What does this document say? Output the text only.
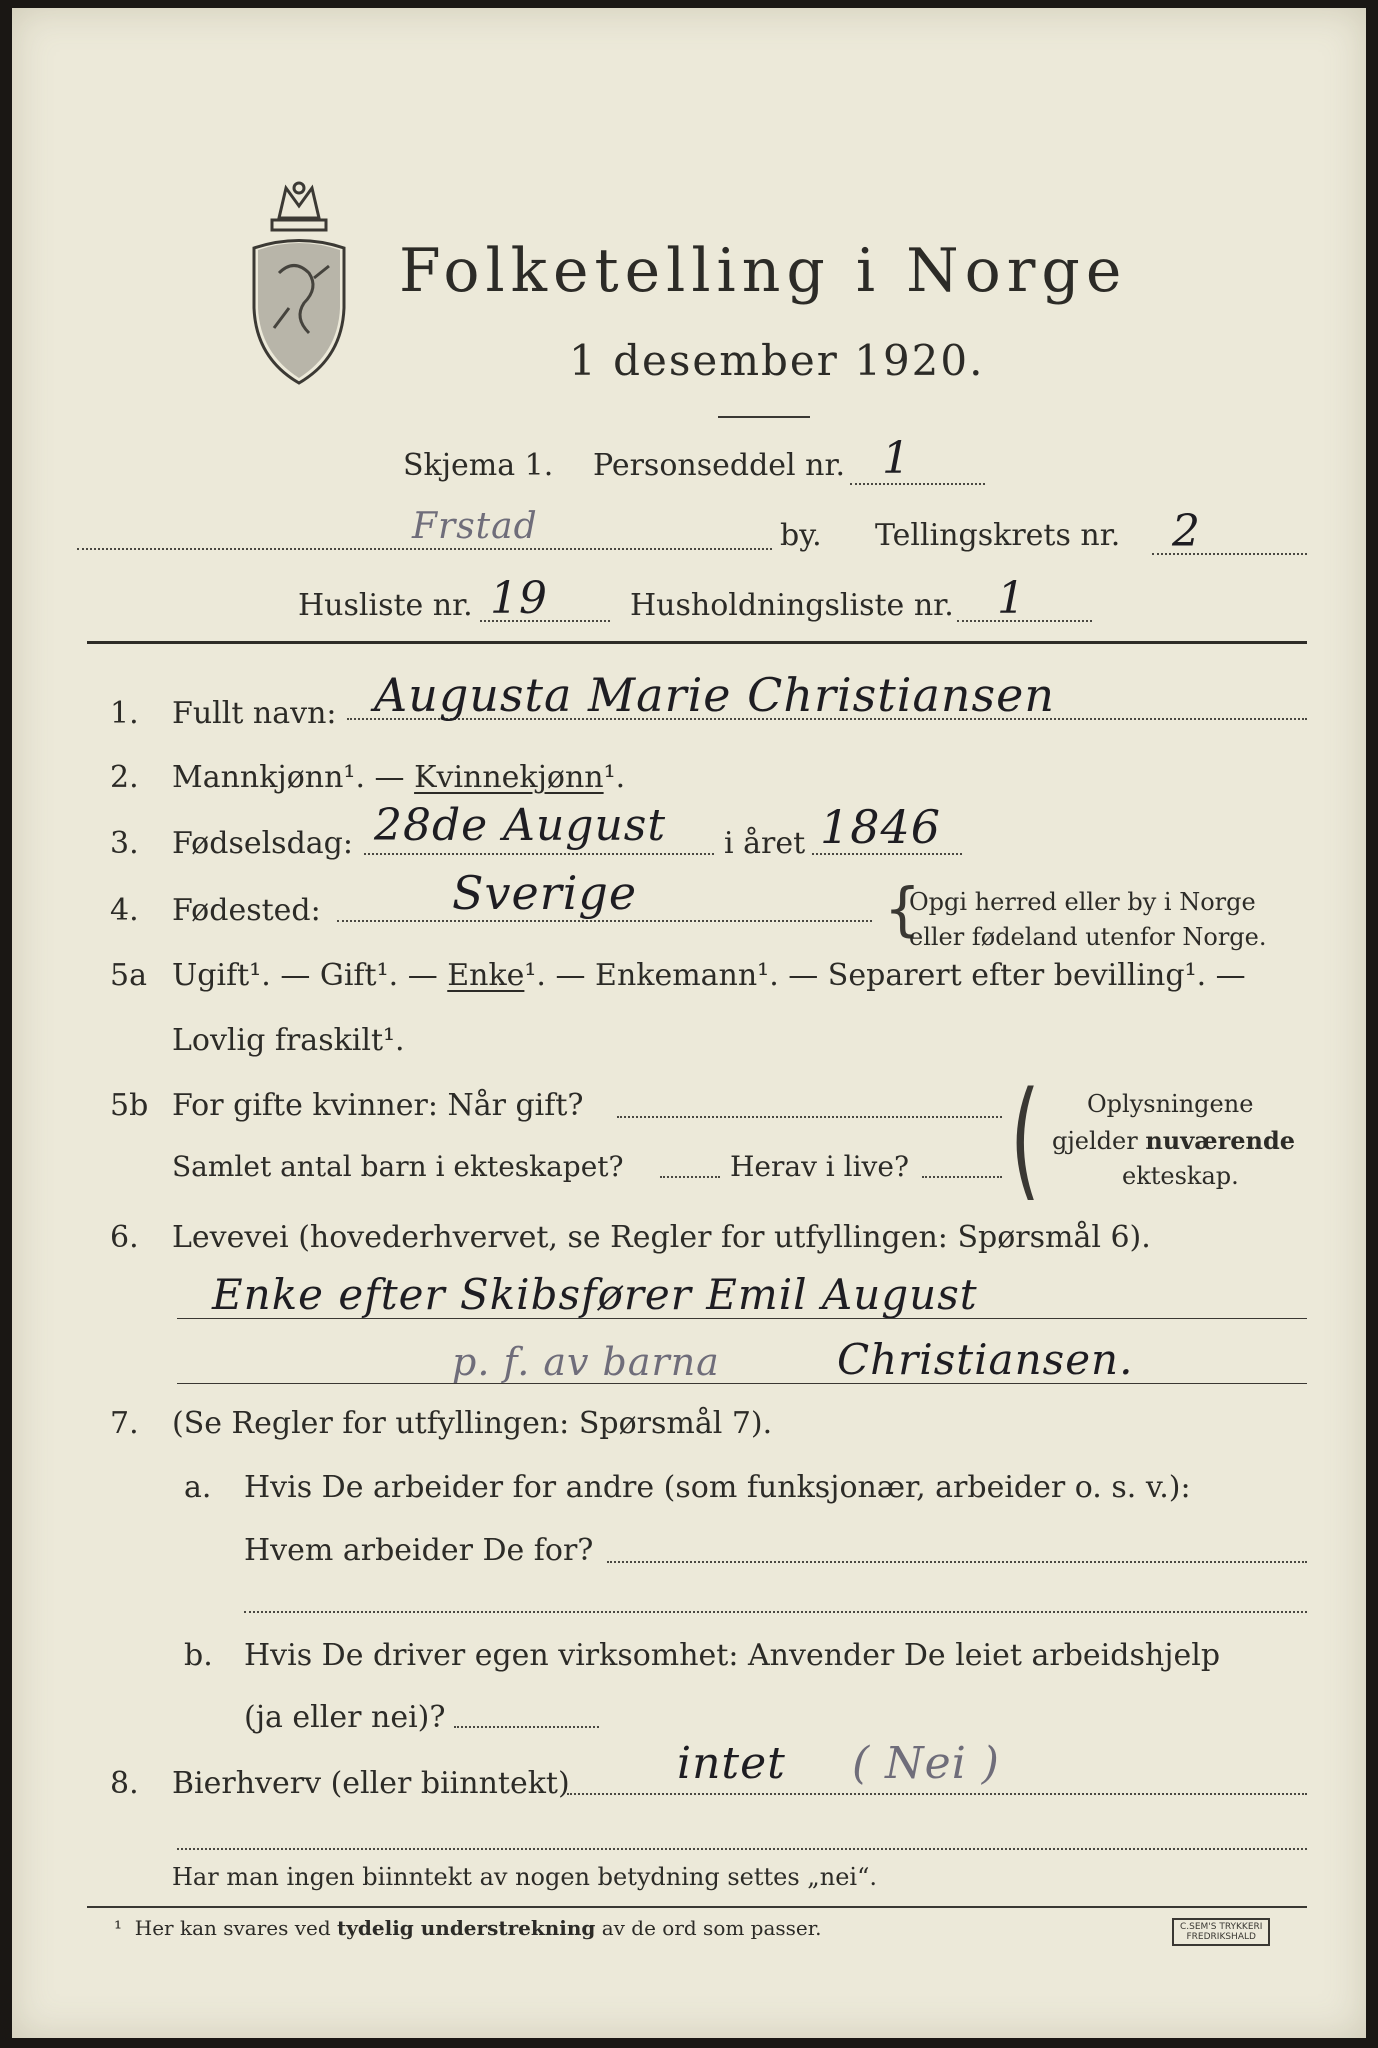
Folketelling i Norge
1 desember 1920.
Skjema 1. Personseddel nr. 1
Frstad	by. Tellingskrets nr. 2
Husliste nr. 19	Husholdningsliste nr. 1
1. Fullt navn: Augusta Marie Christiansen
2. Mannkjønn¹. — Kvinnekjønn¹.
3. Fødselsdag: 28de August i året 1846
4. Fødested:	Sverige	{
Opgi herred eller by i Norge
eller fødeland utenfor Norge.
5a Ugift¹. — Gift¹. — Enke¹. — Enkemann¹. — Separert efter bevilling¹. —
Lovlig fraskilt¹.
5b For gifte kvinner: Når gift?
Samlet antal barn i ekteskapet?	Herav i live? ( Oplysningene
gjelder nuværende
ekteskap.
6. Levevei (hovederhvervet, se Regler for utfyllingen: Spørsmål 6).
Enke efter Skibsfører Emil August
p. f. av barna	Christiansen.
7. (Se Regler for utfyllingen: Spørsmål 7).
a. Hvis De arbeider for andre (som funksjonær, arbeider o. s. v.):
Hvem arbeider De for?
b. Hvis De driver egen virksomhet: Anvender De leiet arbeidshjelp
(ja eller nei)?
8. Bierhverv (eller biinntekt) intet ( Nei )
Har man ingen biinntekt av nogen betydning settes „nei“.
¹ Her kan svares ved tydelig understrekning av de ord som passer.	C.SEM'S TRYKKERI
FREDRIKSHALD
